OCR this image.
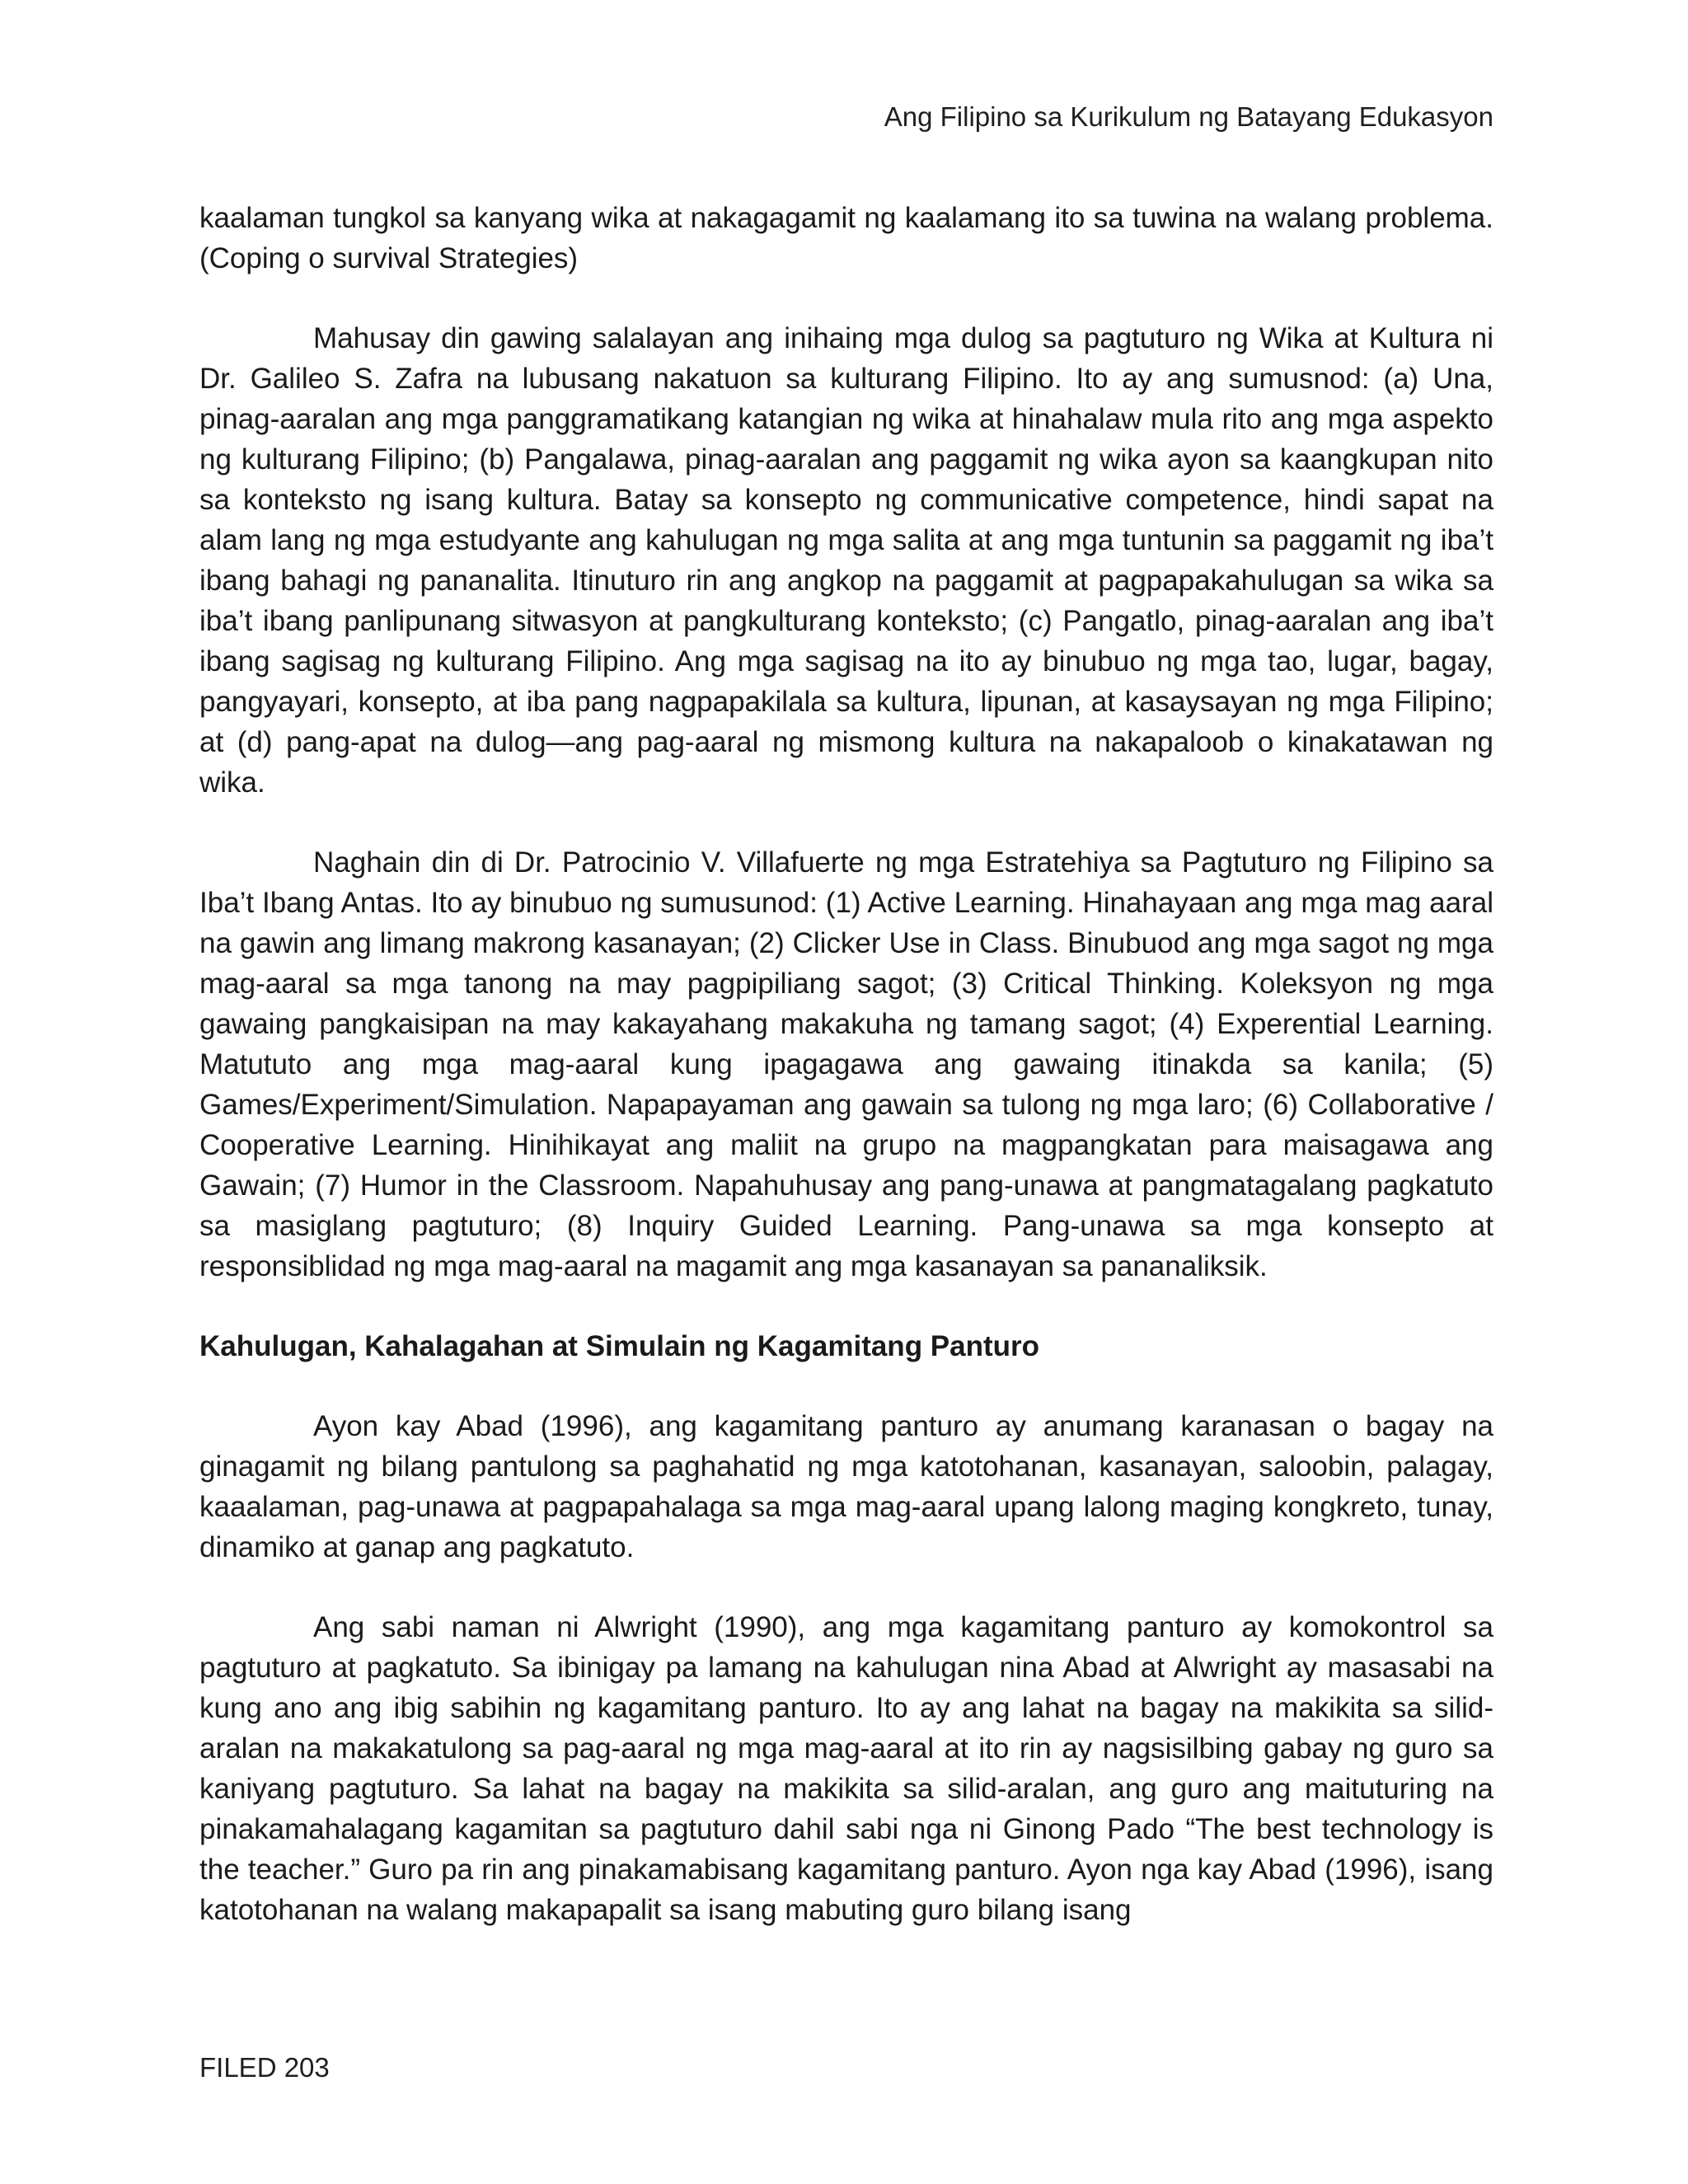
Ang Filipino sa Kurikulum ng Batayang Edukasyon

kaalaman tungkol sa kanyang wika at nakagagamit ng kaalamang ito sa tuwina na walang problema.(Coping o survival Strategies)

Mahusay din gawing salalayan ang inihaing mga dulog sa pagtuturo ng Wika at Kultura ni Dr. Galileo S. Zafra na lubusang nakatuon sa kulturang Filipino. Ito ay ang sumusnod: (a) Una, pinag-aaralan ang mga panggramatikang katangian ng wika at hinahalaw mula rito ang mga aspekto ng kulturang Filipino; (b) Pangalawa, pinag-aaralan ang paggamit ng wika ayon sa kaangkupan nito sa konteksto ng isang kultura. Batay sa konsepto ng communicative competence, hindi sapat na alam lang ng mga estudyante ang kahulugan ng mga salita at ang mga tuntunin sa paggamit ng iba’t ibang bahagi ng pananalita. Itinuturo rin ang angkop na paggamit at pagpapakahulugan sa wika sa iba’t ibang panlipunang sitwasyon at pangkulturang konteksto; (c) Pangatlo, pinag-aaralan ang iba’t ibang sagisag ng kulturang Filipino. Ang mga sagisag na ito ay binubuo ng mga tao, lugar, bagay, pangyayari, konsepto, at iba pang nagpapakilala sa kultura, lipunan, at kasaysayan ng mga Filipino; at (d) pang-apat na dulog—ang pag-aaral ng mismong kultura na nakapaloob o kinakatawan ng wika.

Naghain din di Dr. Patrocinio V. Villafuerte ng mga Estratehiya sa Pagtuturo ng Filipino sa Iba’t Ibang Antas. Ito ay binubuo ng sumusunod: (1) Active Learning. Hinahayaan ang mga mag aaral na gawin ang limang makrong kasanayan; (2) Clicker Use in Class. Binubuod ang mga sagot ng mga mag-aaral sa mga tanong na may pagpipiliang sagot; (3) Critical Thinking. Koleksyon ng mga gawaing pangkaisipan na may kakayahang makakuha ng tamang sagot; (4) Experential Learning. Matututo ang mga mag-aaral kung ipagagawa ang gawaing itinakda sa kanila; (5) Games/Experiment/Simulation. Napapayaman ang gawain sa tulong ng mga laro; (6) Collaborative / Cooperative Learning. Hinihikayat ang maliit na grupo na magpangkatan para maisagawa ang Gawain; (7) Humor in the Classroom. Napahuhusay ang pang-unawa at pangmatagalang pagkatuto sa masiglang pagtuturo; (8) Inquiry Guided Learning. Pang-unawa sa mga konsepto at responsiblidad ng mga mag-aaral na magamit ang mga kasanayan sa pananaliksik.

Kahulugan, Kahalagahan at Simulain ng Kagamitang Panturo

Ayon kay Abad (1996), ang kagamitang panturo ay anumang karanasan o bagay na ginagamit ng bilang pantulong sa paghahatid ng mga katotohanan, kasanayan, saloobin, palagay, kaaalaman, pag-unawa at pagpapahalaga sa mga mag-aaral upang lalong maging kongkreto, tunay, dinamiko at ganap ang pagkatuto.

Ang sabi naman ni Alwright (1990), ang mga kagamitang panturo ay komokontrol sa pagtuturo at pagkatuto. Sa ibinigay pa lamang na kahulugan nina Abad at Alwright ay masasabi na kung ano ang ibig sabihin ng kagamitang panturo. Ito ay ang lahat na bagay na makikita sa silid-aralan na makakatulong sa pag-aaral ng mga mag-aaral at ito rin ay nagsisilbing gabay ng guro sa kaniyang pagtuturo. Sa lahat na bagay na makikita sa silid-aralan, ang guro ang maituturing na pinakamahalagang kagamitan sa pagtuturo dahil sabi nga ni Ginong Pado “The best technology is the teacher.” Guro pa rin ang pinakamabisang kagamitang panturo. Ayon nga kay Abad (1996), isang katotohanan na walang makapapalit sa isang mabuting guro bilang isang

FILED 203
